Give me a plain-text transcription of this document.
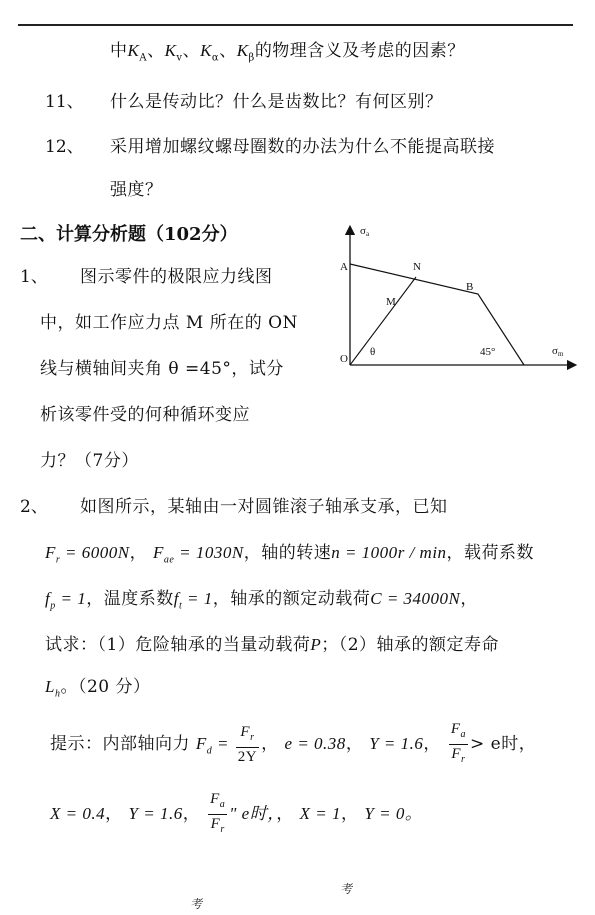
中$K_A$、$K_v$、$K_\alpha$、$K_\beta$的物理含义及考虑的因素？
11、 什么是传动比？什么是齿数比？有何区别？
12、 采用增加螺纹螺母圈数的办法为什么不能提高联接
强度？
二、计算分析题（102分）
1、 图示零件的极限应力线图
中，如工作应力点 M 所在的 ON
线与横轴间夹角 θ =45°，试分
析该零件受的何种循环变应
力？（7分）
σa
σm
A	N
B
M
O
θ	45°
2、 如图所示，某轴由一对圆锥滚子轴承支承，已知
$F_r = 6000N$， $F_{ae} = 1030N$，轴的转速n = 1000r / min，载荷系数
$f_p = 1$，温度系数$f_t = 1$，轴承的额定动载荷C = 34000N，
试求：（1）危险轴承的当量动载荷P；（2）轴承的额定寿命
$L_h$。（20 分）
提示：内部轴向力 $F_d = \frac{F_r}{2Y}$ ， e = 0.38， Y = 1.6， $\frac{F_a}{F_r} > e$时，
X = 0.4， Y = 1.6， $\frac{F_a}{F_r}$ " e时，， X = 1， Y = 0。
考
考
